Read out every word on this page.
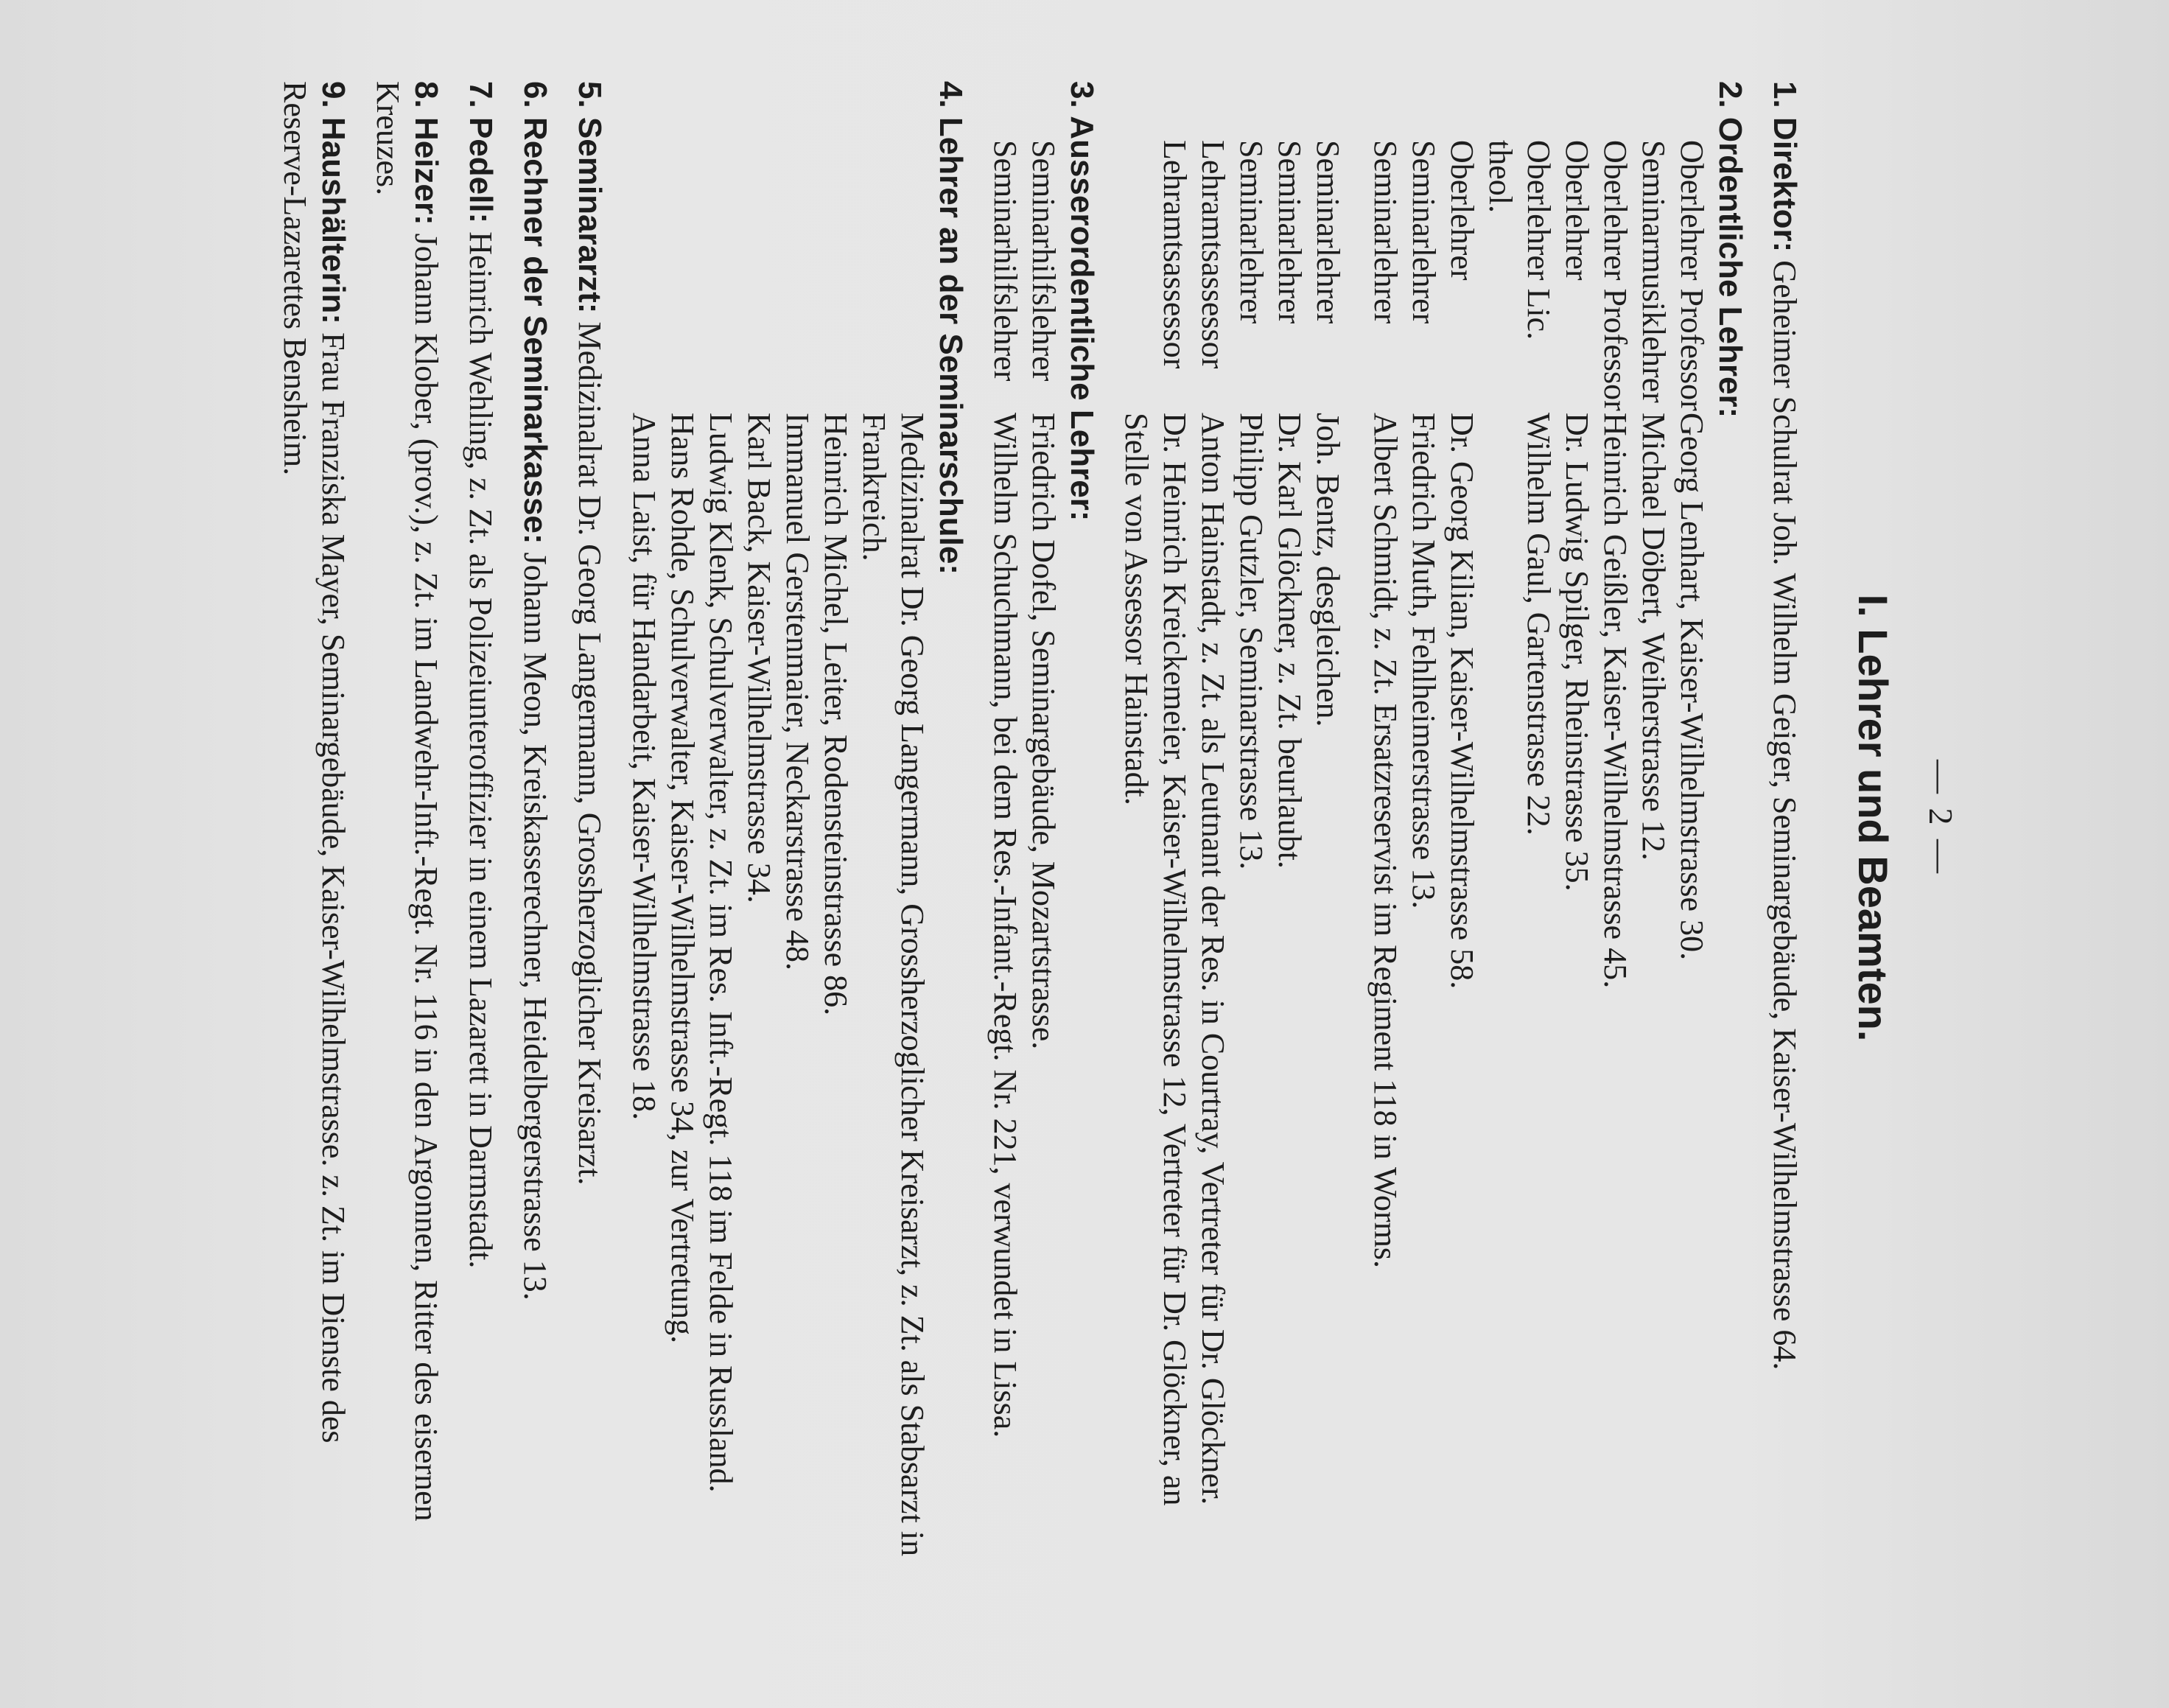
— 2 —
I. Lehrer und Beamten.

1. Direktor: Geheimer Schulrat Joh. Wilhelm Geiger, Seminargebäude, Kaiser-Wilhelmstrasse 64.

2. Ordentliche Lehrer:
Oberlehrer Professor
Georg Lenhart, Kaiser-Wilhelmstrasse 30.
Seminarmusiklehrer
Michael Döbert, Weiherstrasse 12.
Oberlehrer Professor
Heinrich Geißler, Kaiser-Wilhelmstrasse 45.
Oberlehrer
Dr. Ludwig Spilger, Rheinstrasse 35.
Oberlehrer Lic. theol.
Wilhelm Gaul, Gartenstrasse 22.
Oberlehrer
Dr. Georg Kilian, Kaiser-Wilhelmstrasse 58.
Seminarlehrer
Friedrich Muth, Fehlheimerstrasse 13.
Seminarlehrer
Albert Schmidt, z. Zt. Ersatzreservist im Regiment 118 in Worms.
Seminarlehrer
Joh. Bentz, desgleichen.
Seminarlehrer
Dr. Karl Glöckner, z. Zt. beurlaubt.
Seminarlehrer
Philipp Gutzler, Seminarstrasse 13.
Lehramtsassessor
Anton Hainstadt, z. Zt. als Leutnant der Res. in Courtray, Vertreter für Dr. Glöckner.
Lehramtsassessor
Dr. Heinrich Kreickemeier, Kaiser-Wilhelmstrasse 12, Vertreter für Dr. Glöckner, an Stelle von Assessor Hainstadt.
3. Ausserordentliche Lehrer:
Seminarhilfslehrer
Friedrich Dofel, Seminargebäude, Mozartstrasse.
Seminarhilfslehrer
Wilhelm Schuchmann, bei dem Res.-Infant.-Regt. Nr. 221, verwundet in Lissa.
4. Lehrer an der Seminarschule:
Medizinalrat Dr. Georg Langermann, Grossherzoglicher Kreisarzt, z. Zt. als Stabsarzt in Frankreich.
Heinrich Michel, Leiter, Rodensteinstrasse 86.
Immanuel Gerstenmaier, Neckarstrasse 48.
Karl Back, Kaiser-Wilhelmstrasse 34.
Ludwig Klenk, Schulverwalter, z. Zt. im Res. Inft.-Regt. 118 im Felde in Russland.
Hans Rohde, Schulverwalter, Kaiser-Wilhelmstrasse 34, zur Vertretung.
Anna Laist, für Handarbeit, Kaiser-Wilhelmstrasse 18.

5. Seminararzt: Medizinalrat Dr. Georg Langermann, Grossherzoglicher Kreisarzt.

6. Rechner der Seminarkasse: Johann Meon, Kreiskasserechner, Heidelbergerstrasse 13.

7. Pedell: Heinrich Wehling, z. Zt. als Polizeiunteroffizier in einem Lazarett in Darmstadt.

8. Heizer: Johann Klober, (prov.), z. Zt. im Landwehr-Inft.-Regt. Nr. 116 in den Argonnen, Ritter des eisernen Kreuzes.

9. Haushälterin: Frau Franziska Mayer, Seminargebäude, Kaiser-Wilhelmstrasse. z. Zt. im Dienste des Reserve-Lazarettes Bensheim.
